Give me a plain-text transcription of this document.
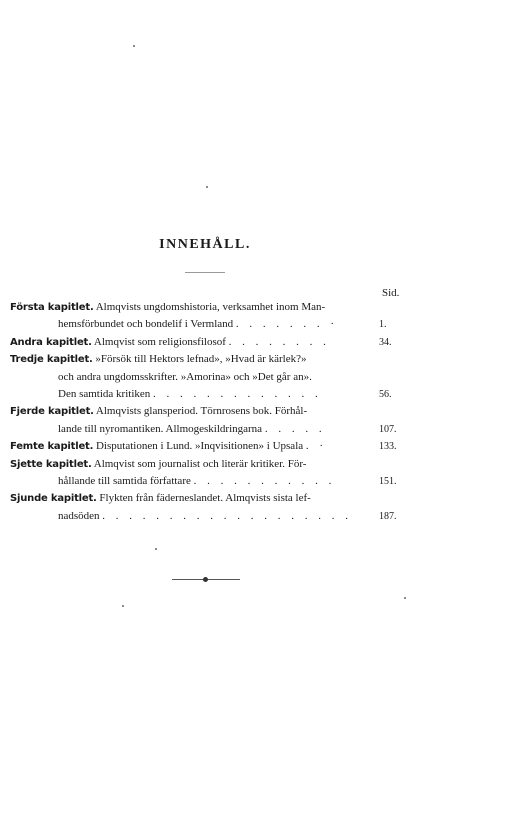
INNEHÅLL.
Sid.
Första kapitlet. Almqvists ungdomshistoria, verksamhet inom Man-
hemsförbundet och bondelif i Vermland . . . . . . . ·	1.
Andra kapitlet. Almqvist som religionsfilosof . . . . . . . .	34.
Tredje kapitlet. »Försök till Hektors lefnad», »Hvad är kärlek?»
och andra ungdomsskrifter. »Amorina» och »Det går an».
Den samtida kritiken . . . . . . . . . . . . .	56.
Fjerde kapitlet. Almqvists glansperiod. Törnrosens bok. Förhål-
lande till nyromantiken. Allmogeskildringarna . . . . .	107.
Femte kapitlet. Disputationen i Lund. »Inqvisitionen» i Upsala . ·	133.
Sjette kapitlet. Almqvist som journalist och literär kritiker. För-
hållande till samtida författare . . . . . . . . . . .	151.
Sjunde kapitlet. Flykten från fäderneslandet. Almqvists sista lef-
nadsöden . . . . . . . . . . . . . . . . . . .	187.
